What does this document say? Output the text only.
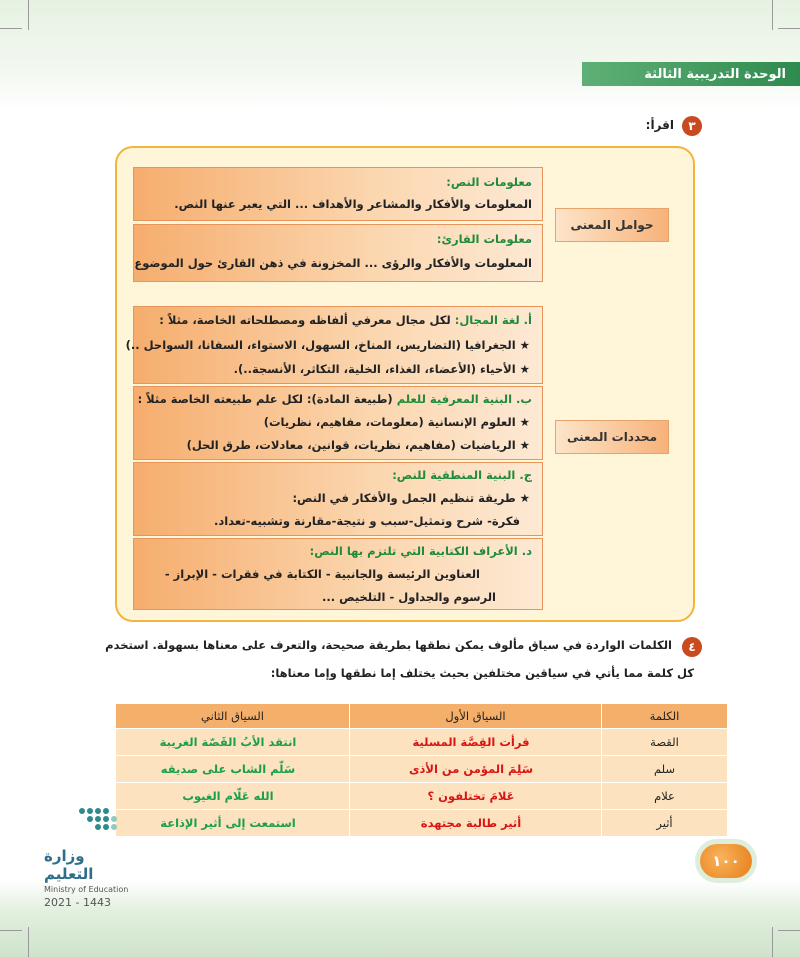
الوحدة التدريبية الثالثة
٣
اقرأ:
معلومات النص:
المعلومات والأفكار والمشاعر والأهداف ... التي يعبر عنها النص.
معلومات القارئ:
المعلومات والأفكار والرؤى ... المخزونة في ذهن القارئ حول الموضوع
حوامل المعنى
أ. لغة المجال: لكل مجال معرفي ألفاظه ومصطلحاته الخاصة، مثلاً :
★ الجغرافيا (التضاريس، المناخ، السهول، الاستواء، السفانا، السواحل ..)
★ الأحياء (الأعضاء، الغذاء، الخلية، التكاثر، الأنسجة..).
ب. البنية المعرفية للعلم (طبيعة المادة): لكل علم طبيعته الخاصة مثلاً :
★ العلوم الإنسانية (معلومات، مفاهيم، نظريات)
★ الرياضيات (مفاهيم، نظريات، قوانين، معادلات، طرق الحل)
ج. البنية المنطقية للنص:
★ طريقة تنظيم الجمل والأفكار في النص:
فكرة- شرح وتمثيل-سبب و نتيجة-مقارنة وتشبيه-تعداد.
د. الأعراف الكتابية التي تلتزم بها النص:
العناوين الرئيسة والجانبية - الكتابة في فقرات - الإبراز -
الرسوم والجداول - التلخيص ...
محددات المعنى
٤
الكلمات الواردة في سياق مألوف يمكن نطقها بطريقة صحيحة، والتعرف على معناها بسهولة. استخدم
كل كلمة مما يأتي في سياقين مختلفين بحيث يختلف إما نطقها وإما معناها:
الكلمة	السياق الأول	السياق الثاني
القصة	قرأت القِصَّة المسلية	انتقد الأبُ القَصّة الغريبة
سلم	سَلِمَ المؤمن من الأذى	سَلّم الشاب على صديقه
علام	عَلامَ تختلفون ؟	الله عَلّام الغيوب
أثير	أثير طالبة مجتهدة	استمعت إلى أثير الإذاعة
وزارة التعليم
Ministry of Education
2021 - 1443
١٠٠
